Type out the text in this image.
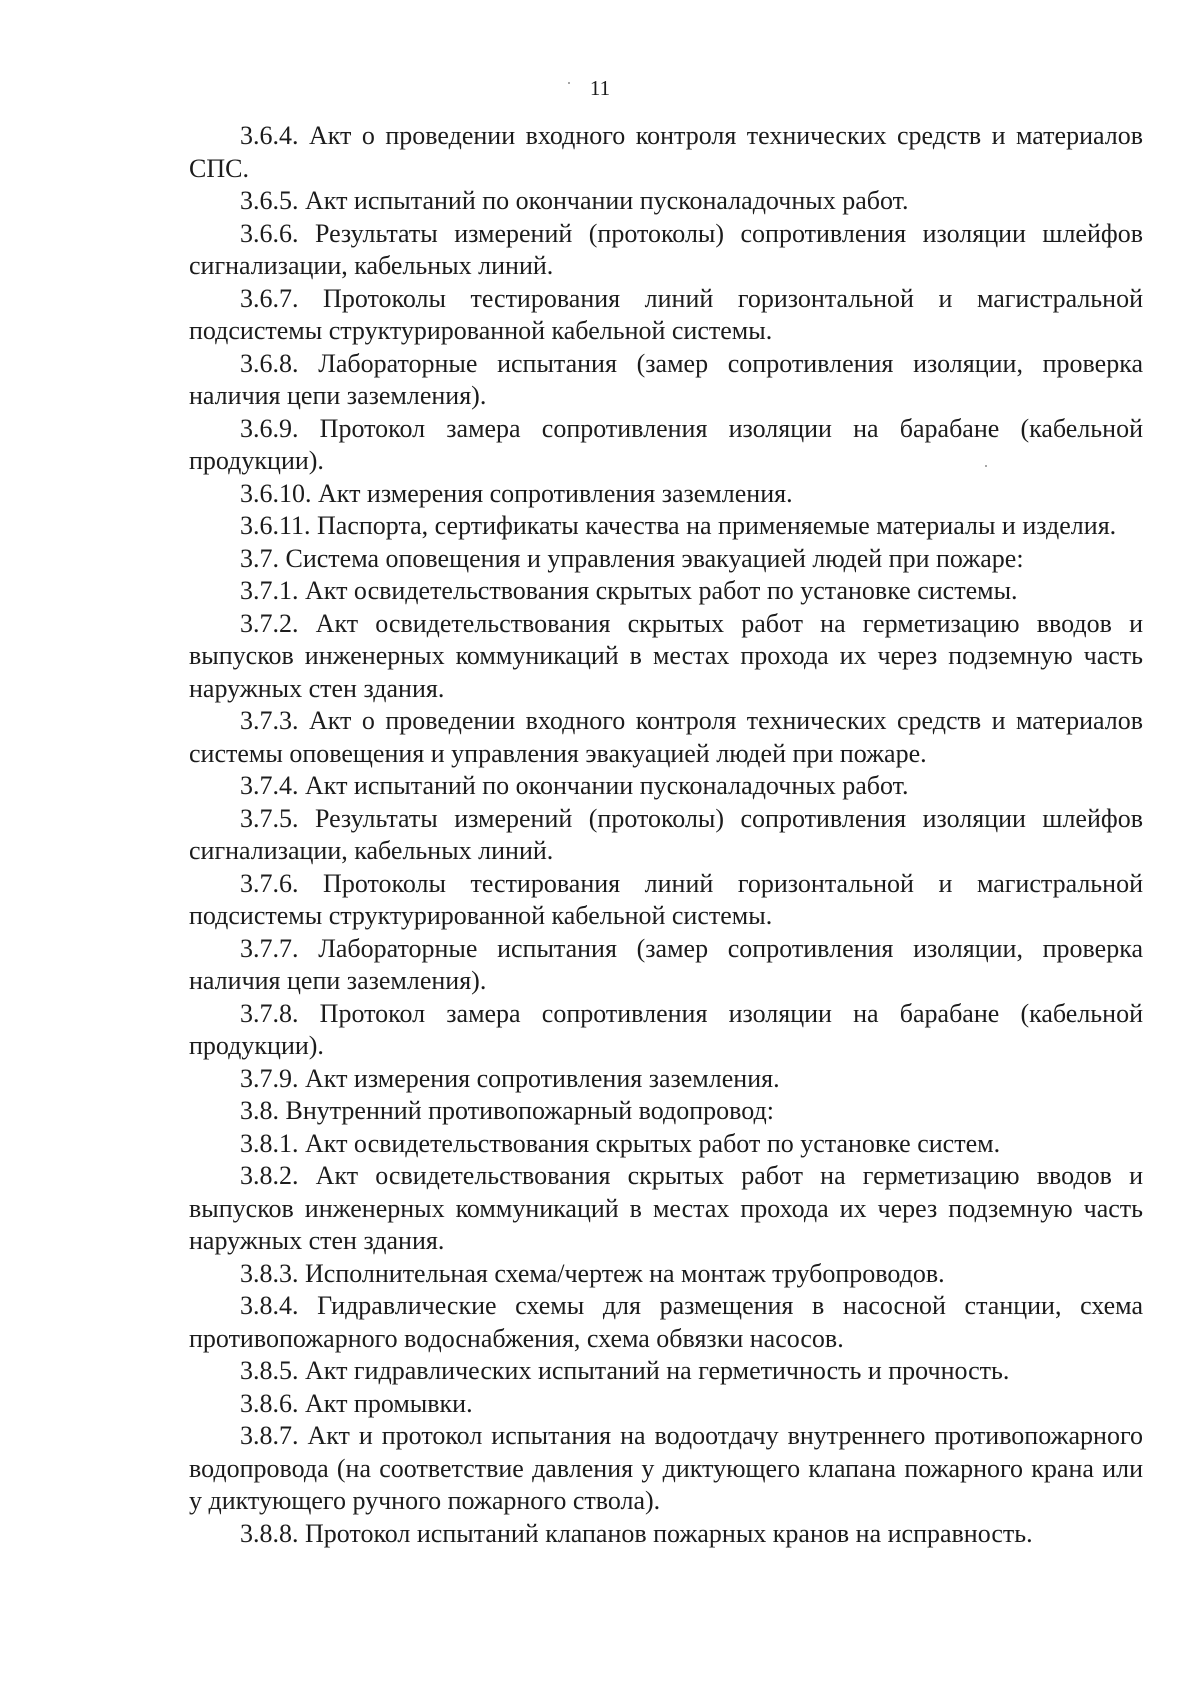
11

3.6.4. Акт о проведении входного контроля технических средств и материалов СПС.

3.6.5. Акт испытаний по окончании пусконаладочных работ.

3.6.6. Результаты измерений (протоколы) сопротивления изоляции шлейфов сигнализации, кабельных линий.

3.6.7. Протоколы тестирования линий горизонтальной и магистральной подсистемы структурированной кабельной системы.

3.6.8. Лабораторные испытания (замер сопротивления изоляции, проверка наличия цепи заземления).

3.6.9. Протокол замера сопротивления изоляции на барабане (кабельной продукции).

3.6.10. Акт измерения сопротивления заземления.

3.6.11. Паспорта, сертификаты качества на применяемые материалы и изделия.

3.7. Система оповещения и управления эвакуацией людей при пожаре:

3.7.1. Акт освидетельствования скрытых работ по установке системы.

3.7.2. Акт освидетельствования скрытых работ на герметизацию вводов и выпусков инженерных коммуникаций в местах прохода их через подземную часть наружных стен здания.

3.7.3. Акт о проведении входного контроля технических средств и материалов системы оповещения и управления эвакуацией людей при пожаре.

3.7.4. Акт испытаний по окончании пусконаладочных работ.

3.7.5. Результаты измерений (протоколы) сопротивления изоляции шлейфов сигнализации, кабельных линий.

3.7.6. Протоколы тестирования линий горизонтальной и магистральной подсистемы структурированной кабельной системы.

3.7.7. Лабораторные испытания (замер сопротивления изоляции, проверка наличия цепи заземления).

3.7.8. Протокол замера сопротивления изоляции на барабане (кабельной продукции).

3.7.9. Акт измерения сопротивления заземления.

3.8. Внутренний противопожарный водопровод:

3.8.1. Акт освидетельствования скрытых работ по установке систем.

3.8.2. Акт освидетельствования скрытых работ на герметизацию вводов и выпусков инженерных коммуникаций в местах прохода их через подземную часть наружных стен здания.

3.8.3. Исполнительная схема/чертеж на монтаж трубопроводов.

3.8.4. Гидравлические схемы для размещения в насосной станции, схема противопожарного водоснабжения, схема обвязки насосов.

3.8.5. Акт гидравлических испытаний на герметичность и прочность.

3.8.6. Акт промывки.

3.8.7. Акт и протокол испытания на водоотдачу внутреннего противопожарного водопровода (на соответствие давления у диктующего клапана пожарного крана или у диктующего ручного пожарного ствола).

3.8.8. Протокол испытаний клапанов пожарных кранов на исправность.
